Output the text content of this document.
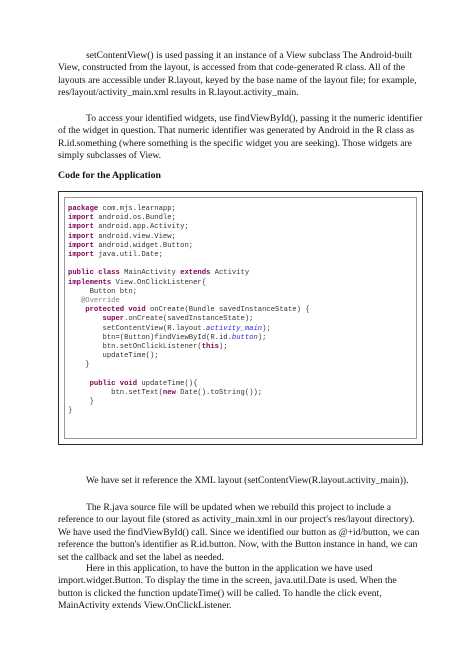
setContentView() is used passing it an instance of a View subclass The Android-built View, constructed from the layout, is accessed from that code-generated R class. All of the layouts are accessible under R.layout, keyed by the base name of the layout file; for example, res/layout/activity_main.xml results in R.layout.activity_main.

To access your identified widgets, use findViewById(), passing it the numeric identifier of the widget in question. That numeric identifier was generated by Android in the R class as R.id.something (where something is the specific widget you are seeking). Those widgets are simply subclasses of View.

Code for the Application

package com.mjs.learnapp;
import android.os.Bundle;
import android.app.Activity;
import android.view.View;
import android.widget.Button;
import java.util.Date;

public class MainActivity extends Activity
implements View.OnClickListener{
Button btn;
@Override
protected void onCreate(Bundle savedInstanceState) {
super.onCreate(savedInstanceState);
setContentView(R.layout.activity_main);
btn=(Button)findViewById(R.id.button);
btn.setOnClickListener(this);
updateTime();
}

public void updateTime(){
btn.setText(new Date().toString());
}
}

We have set it reference the XML layout (setContentView(R.layout.activity_main)).

The R.java source file will be updated when we rebuild this project to include a reference to our layout file (stored as activity_main.xml in our project's res/layout directory). We have used the findViewById() call. Since we identified our button as @+id/button, we can reference the button's identifier as R.id.button. Now, with the Button instance in hand, we can set the callback and set the label as needed.

Here in this application, to have the button in the application we have used import.widget.Button. To display the time in the screen, java.util.Date is used. When the button is clicked the function updateTime() will be called. To handle the click event, MainActivity extends View.OnClickListener.
